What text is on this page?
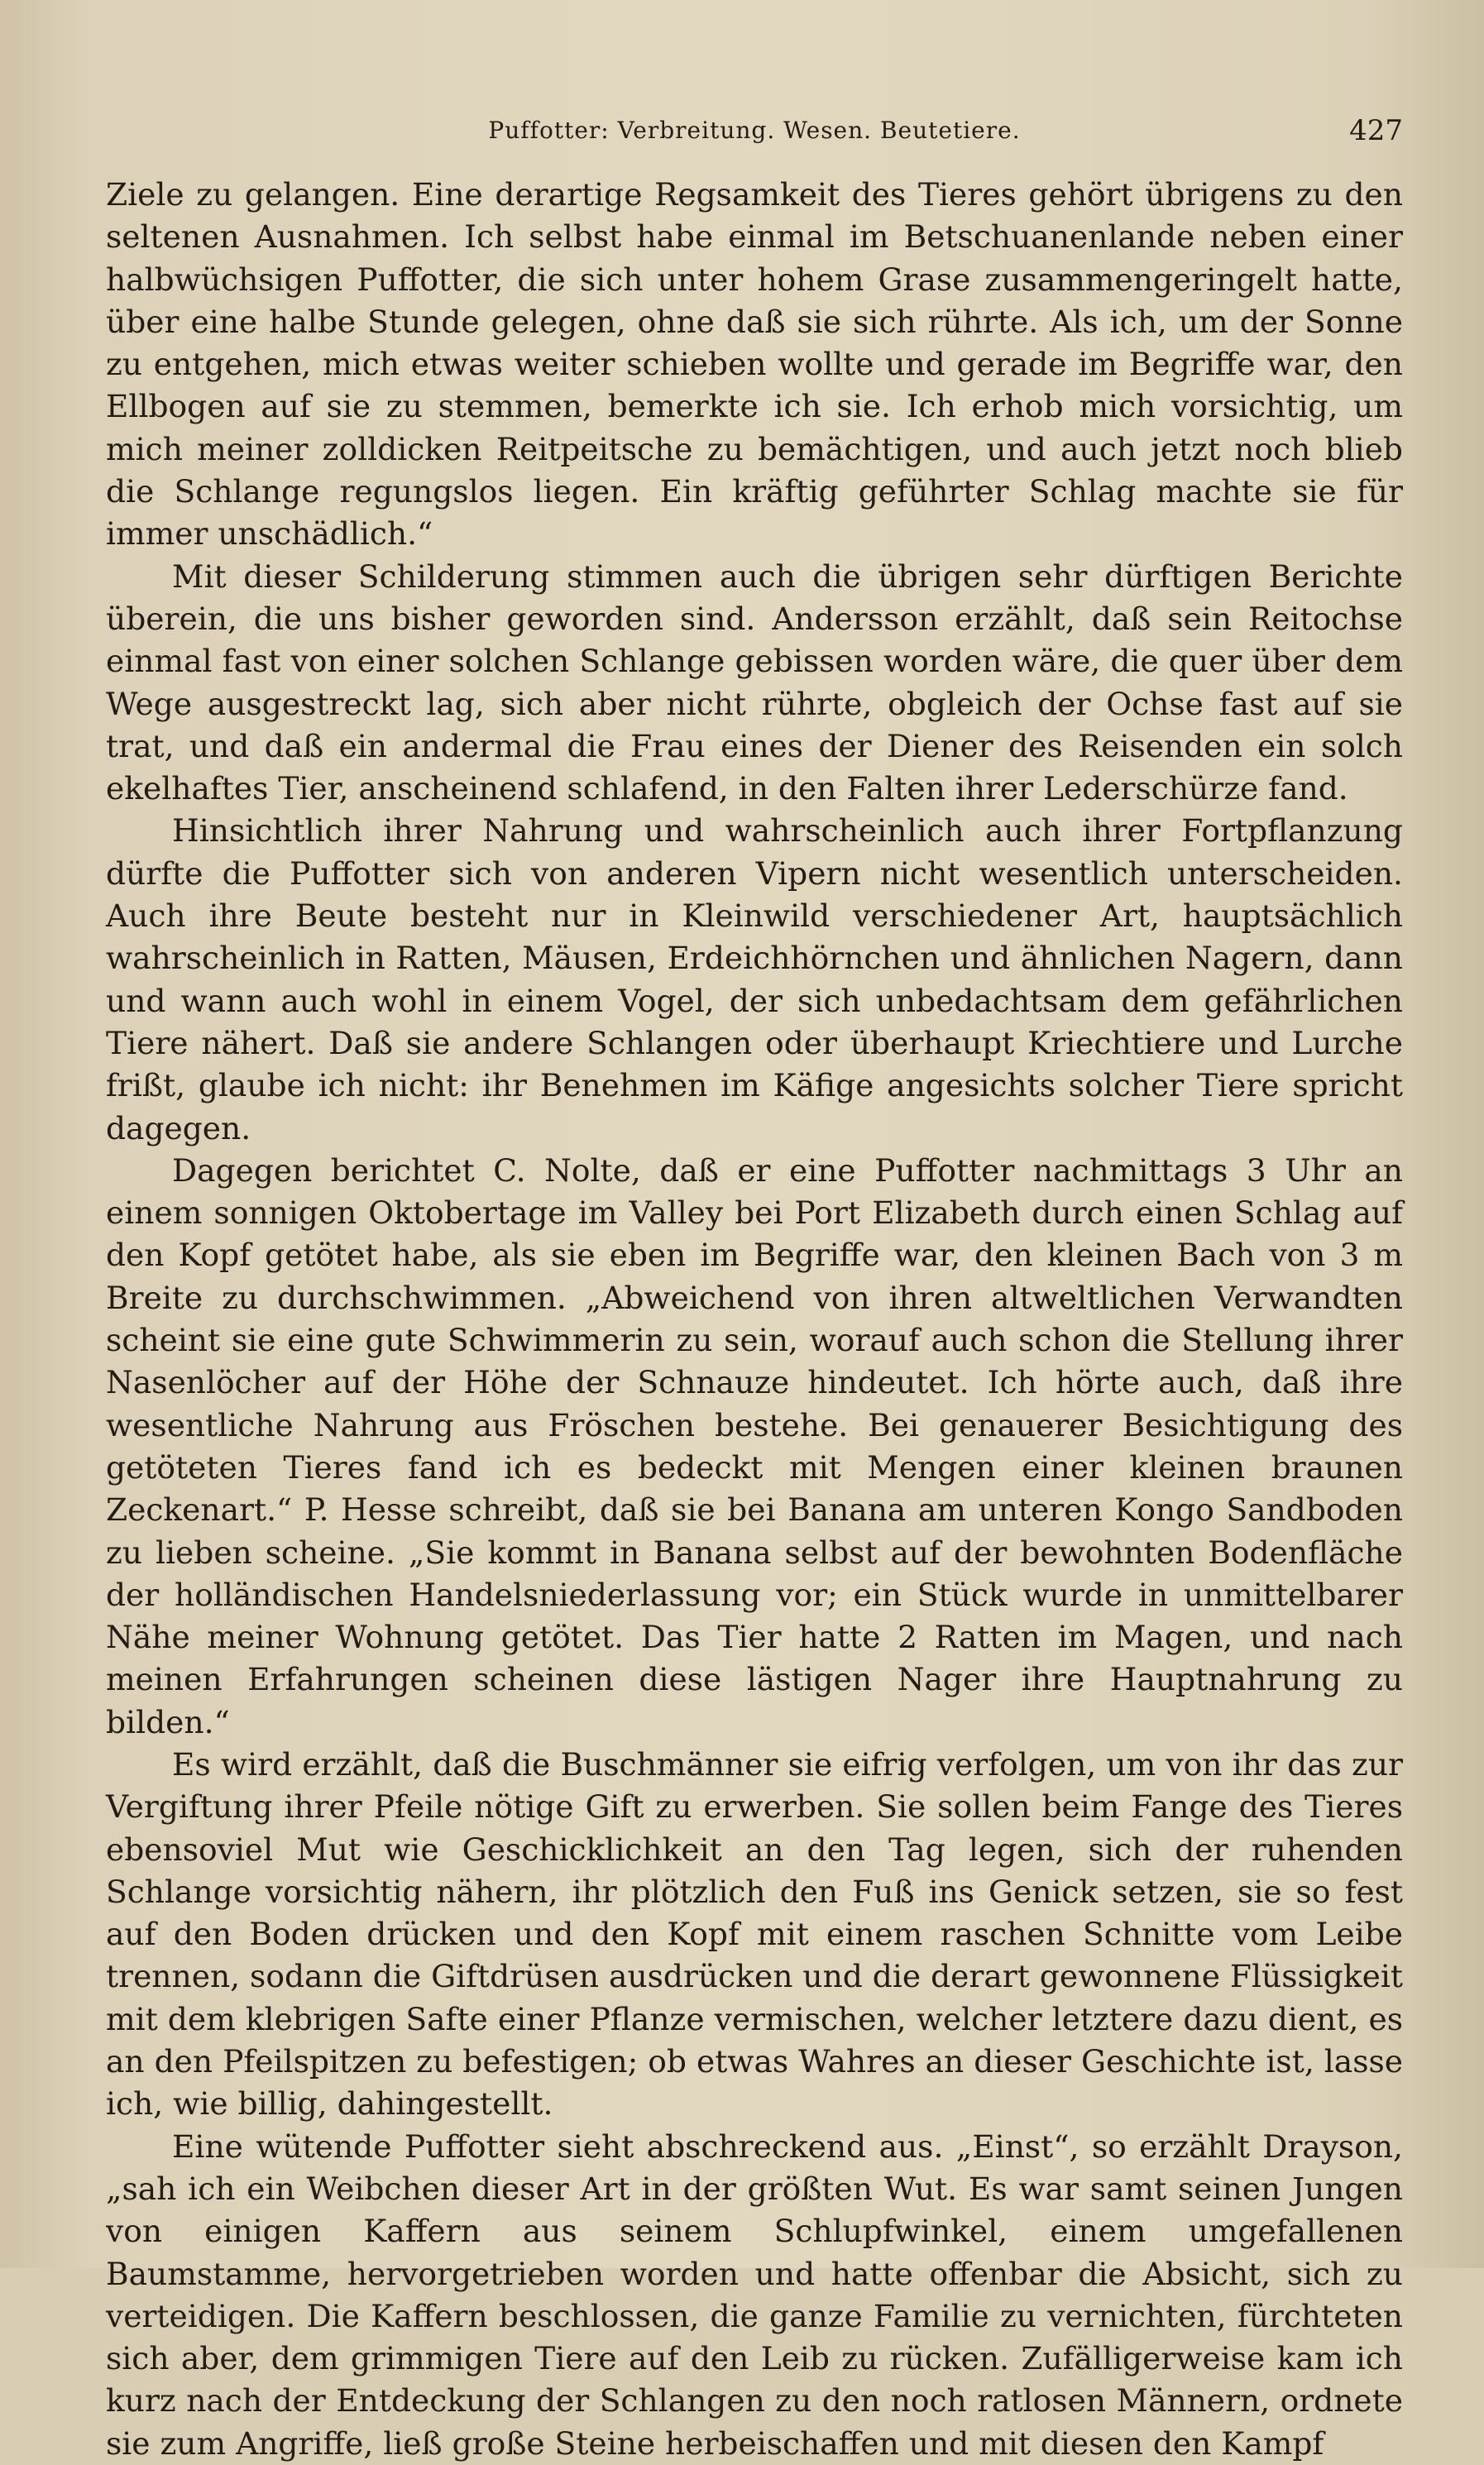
Puffotter: Verbreitung. Wesen. Beutetiere.	427

Ziele zu gelangen. Eine derartige Regsamkeit des Tieres gehört übrigens zu den seltenen Ausnahmen. Ich selbst habe einmal im Betschuanenlande neben einer halbwüchsigen Puffotter, die sich unter hohem Grase zusammengeringelt hatte, über eine halbe Stunde gelegen, ohne daß sie sich rührte. Als ich, um der Sonne zu entgehen, mich etwas weiter schieben wollte und gerade im Begriffe war, den Ellbogen auf sie zu stemmen, bemerkte ich sie. Ich erhob mich vorsichtig, um mich meiner zolldicken Reitpeitsche zu bemächtigen, und auch jetzt noch blieb die Schlange regungslos liegen. Ein kräftig geführter Schlag machte sie für immer unschädlich.“

Mit dieser Schilderung stimmen auch die übrigen sehr dürftigen Berichte überein, die uns bisher geworden sind. Andersson erzählt, daß sein Reitochse einmal fast von einer solchen Schlange gebissen worden wäre, die quer über dem Wege ausgestreckt lag, sich aber nicht rührte, obgleich der Ochse fast auf sie trat, und daß ein andermal die Frau eines der Diener des Reisenden ein solch ekelhaftes Tier, anscheinend schlafend, in den Falten ihrer Lederschürze fand.

Hinsichtlich ihrer Nahrung und wahrscheinlich auch ihrer Fortpflanzung dürfte die Puffotter sich von anderen Vipern nicht wesentlich unterscheiden. Auch ihre Beute besteht nur in Kleinwild verschiedener Art, hauptsächlich wahrscheinlich in Ratten, Mäusen, Erdeichhörnchen und ähnlichen Nagern, dann und wann auch wohl in einem Vogel, der sich unbedachtsam dem gefährlichen Tiere nähert. Daß sie andere Schlangen oder überhaupt Kriechtiere und Lurche frißt, glaube ich nicht: ihr Benehmen im Käfige angesichts solcher Tiere spricht dagegen.

Dagegen berichtet C. Nolte, daß er eine Puffotter nachmittags 3 Uhr an einem sonnigen Oktobertage im Valley bei Port Elizabeth durch einen Schlag auf den Kopf getötet habe, als sie eben im Begriffe war, den kleinen Bach von 3 m Breite zu durchschwimmen. „Abweichend von ihren altweltlichen Verwandten scheint sie eine gute Schwimmerin zu sein, worauf auch schon die Stellung ihrer Nasenlöcher auf der Höhe der Schnauze hindeutet. Ich hörte auch, daß ihre wesentliche Nahrung aus Fröschen bestehe. Bei genauerer Besichtigung des getöteten Tieres fand ich es bedeckt mit Mengen einer kleinen braunen Zeckenart.“ P. Hesse schreibt, daß sie bei Banana am unteren Kongo Sandboden zu lieben scheine. „Sie kommt in Banana selbst auf der bewohnten Bodenfläche der holländischen Handelsniederlassung vor; ein Stück wurde in unmittelbarer Nähe meiner Wohnung getötet. Das Tier hatte 2 Ratten im Magen, und nach meinen Erfahrungen scheinen diese lästigen Nager ihre Hauptnahrung zu bilden.“

Es wird erzählt, daß die Buschmänner sie eifrig verfolgen, um von ihr das zur Vergiftung ihrer Pfeile nötige Gift zu erwerben. Sie sollen beim Fange des Tieres ebensoviel Mut wie Geschicklichkeit an den Tag legen, sich der ruhenden Schlange vorsichtig nähern, ihr plötzlich den Fuß ins Genick setzen, sie so fest auf den Boden drücken und den Kopf mit einem raschen Schnitte vom Leibe trennen, sodann die Giftdrüsen ausdrücken und die derart gewonnene Flüssigkeit mit dem klebrigen Safte einer Pflanze vermischen, welcher letztere dazu dient, es an den Pfeilspitzen zu befestigen; ob etwas Wahres an dieser Geschichte ist, lasse ich, wie billig, dahingestellt.

Eine wütende Puffotter sieht abschreckend aus. „Einst“, so erzählt Drayson, „sah ich ein Weibchen dieser Art in der größten Wut. Es war samt seinen Jungen von einigen Kaffern aus seinem Schlupfwinkel, einem umgefallenen Baumstamme, hervorgetrieben worden und hatte offenbar die Absicht, sich zu verteidigen. Die Kaffern beschlossen, die ganze Familie zu vernichten, fürchteten sich aber, dem grimmigen Tiere auf den Leib zu rücken. Zufälligerweise kam ich kurz nach der Entdeckung der Schlangen zu den noch ratlosen Männern, ordnete sie zum Angriffe, ließ große Steine herbeischaffen und mit diesen den Kampf
